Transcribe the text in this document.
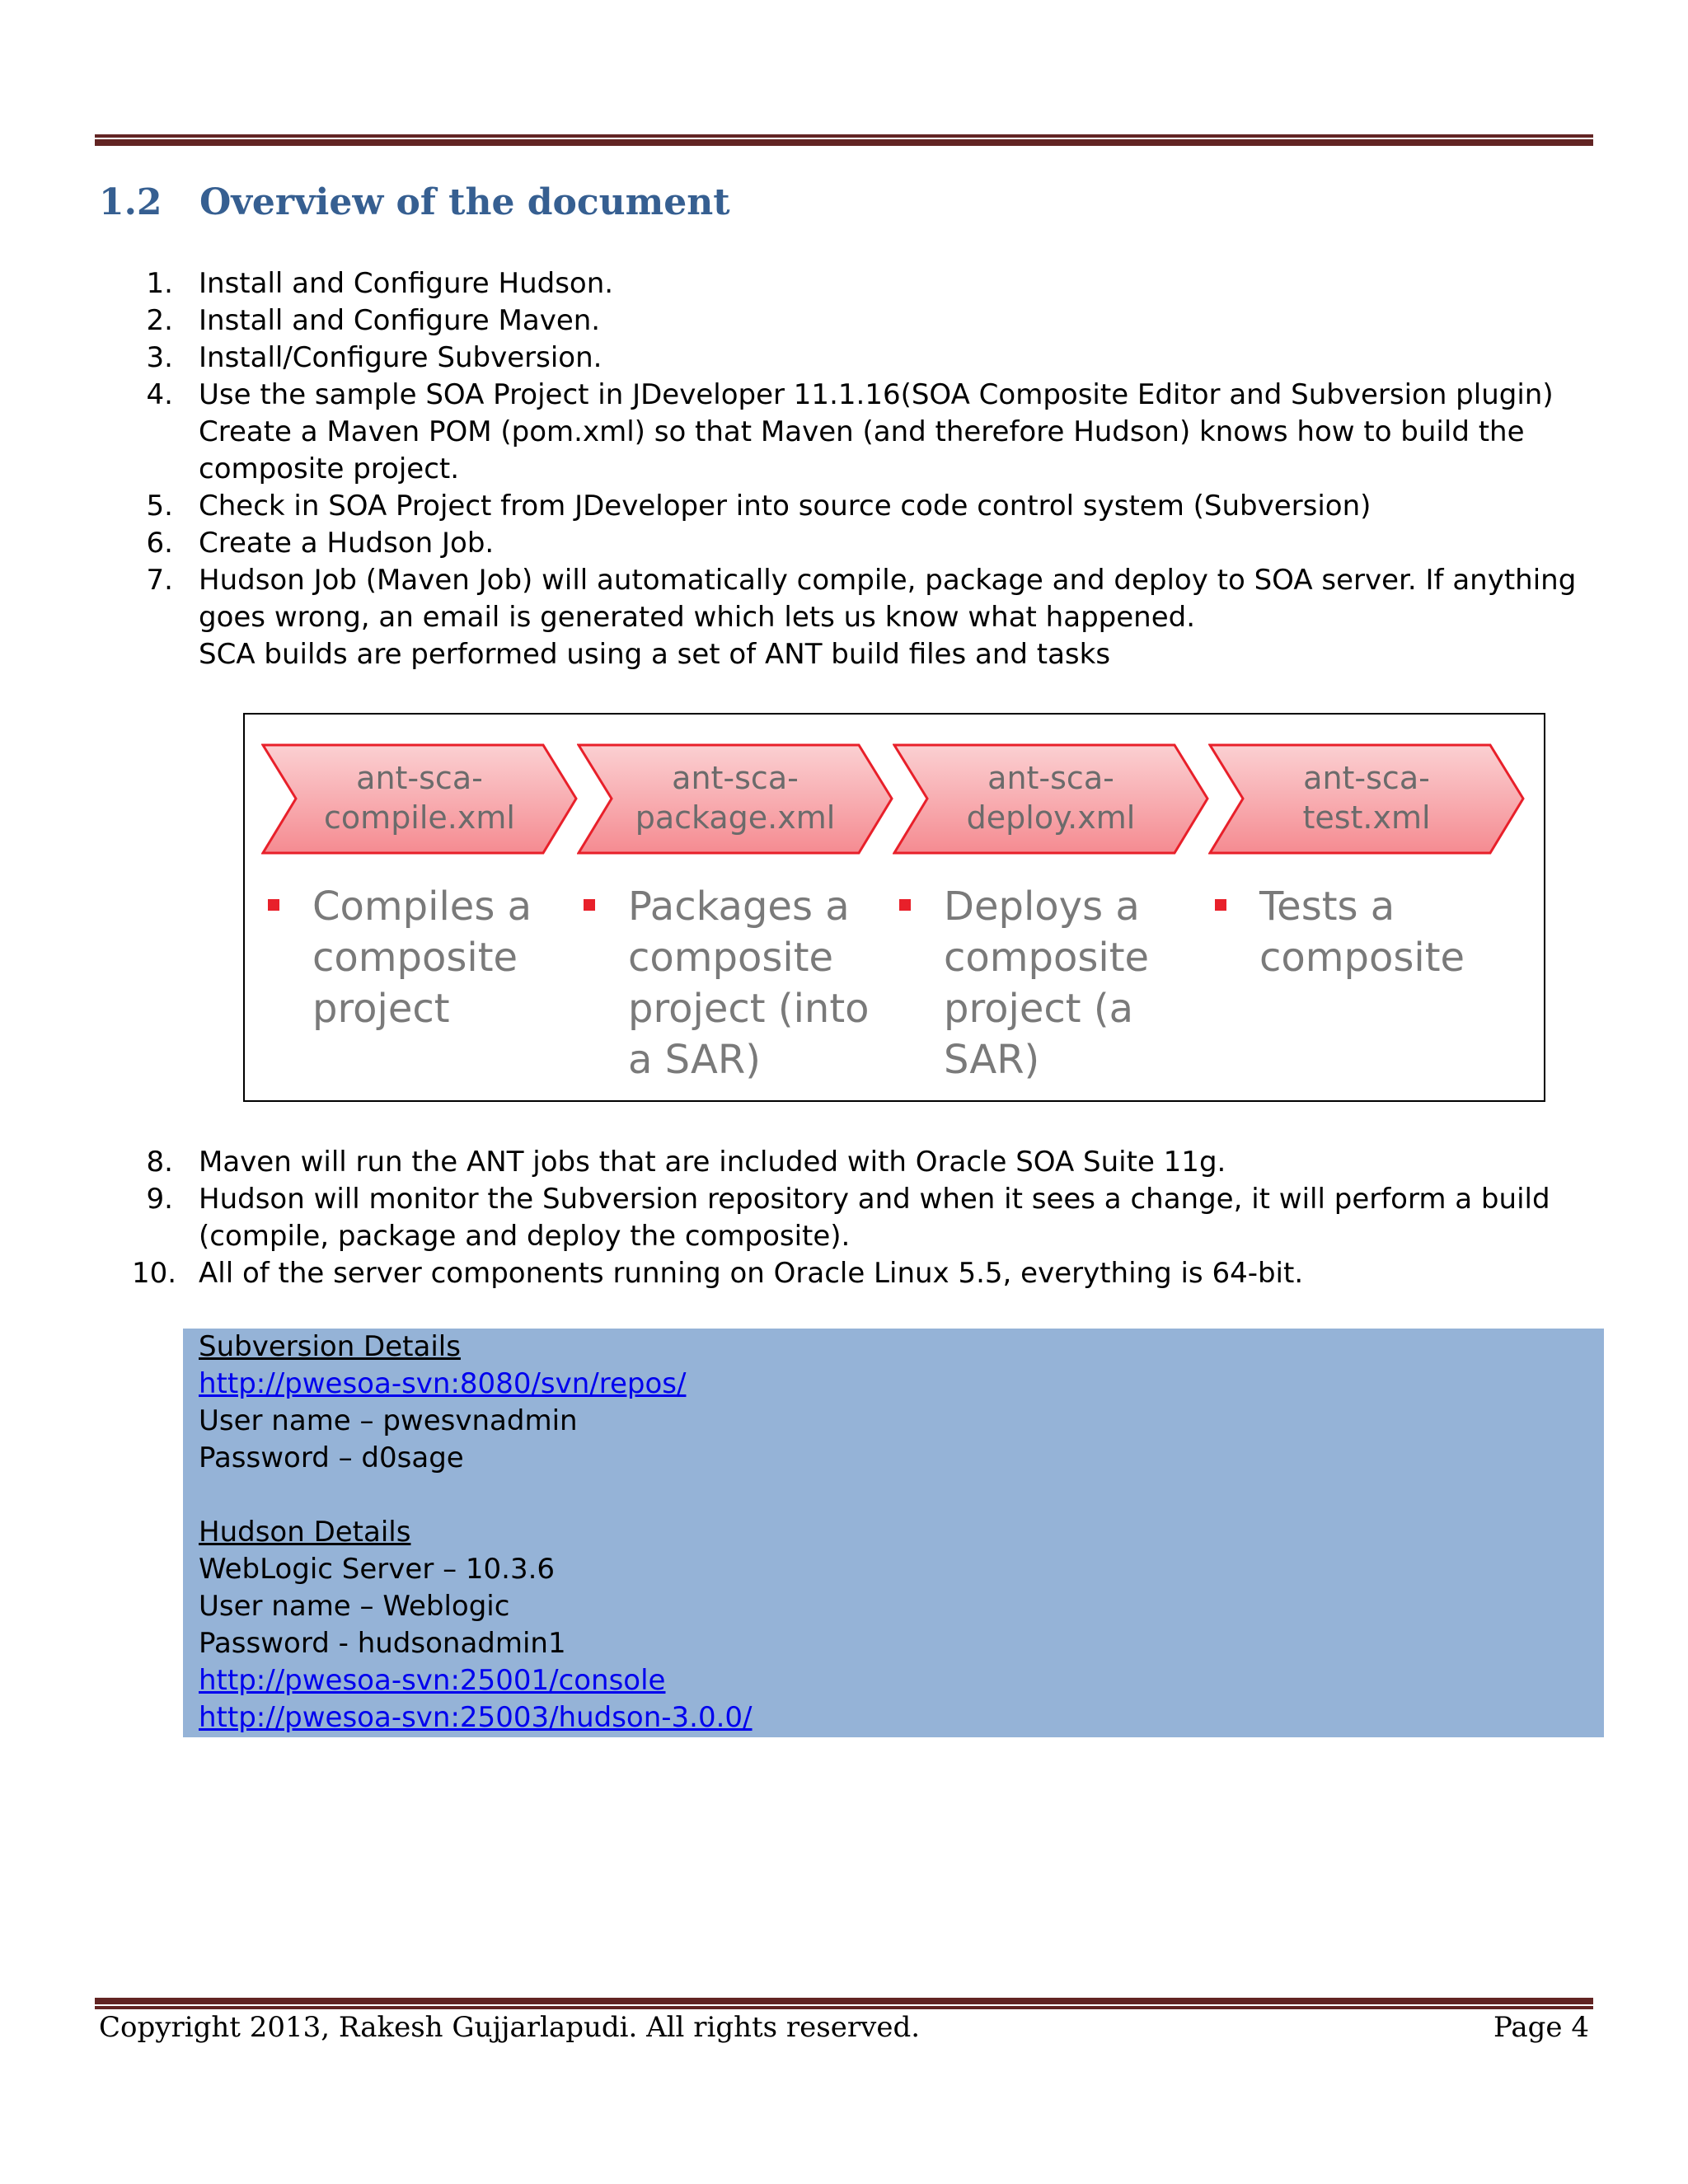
1.2 Overview of the document
1. Install and Configure Hudson.
2. Install and Configure Maven.
3. Install/Configure Subversion.
4. Use the sample SOA Project in JDeveloper 11.1.16(SOA Composite Editor and Subversion plugin)
Create a Maven POM (pom.xml) so that Maven (and therefore Hudson) knows how to build the composite project.
5. Check in SOA Project from JDeveloper into source code control system (Subversion)
6. Create a Hudson Job.
7. Hudson Job (Maven Job) will automatically compile, package and deploy to SOA server. If anything goes wrong, an email is generated which lets us know what happened.
SCA builds are performed using a set of ANT build files and tasks
ant-sca-
compile.xml
Compiles a composite project
ant-sca-
package.xml
Packages a composite project (into a SAR)
ant-sca-
deploy.xml
Deploys a composite project (a SAR)
ant-sca-
test.xml
Tests a composite
8. Maven will run the ANT jobs that are included with Oracle SOA Suite 11g.
9. Hudson will monitor the Subversion repository and when it sees a change, it will perform a build (compile, package and deploy the composite).
10. All of the server components running on Oracle Linux 5.5, everything is 64-bit.
Subversion Details
http://pwesoa-svn:8080/svn/repos/
User name – pwesvnadmin
Password – d0sage

Hudson Details
WebLogic Server – 10.3.6
User name – Weblogic
Password - hudsonadmin1
http://pwesoa-svn:25001/console
http://pwesoa-svn:25003/hudson-3.0.0/
Copyright 2013, Rakesh Gujjarlapudi. All rights reserved.	Page 4
